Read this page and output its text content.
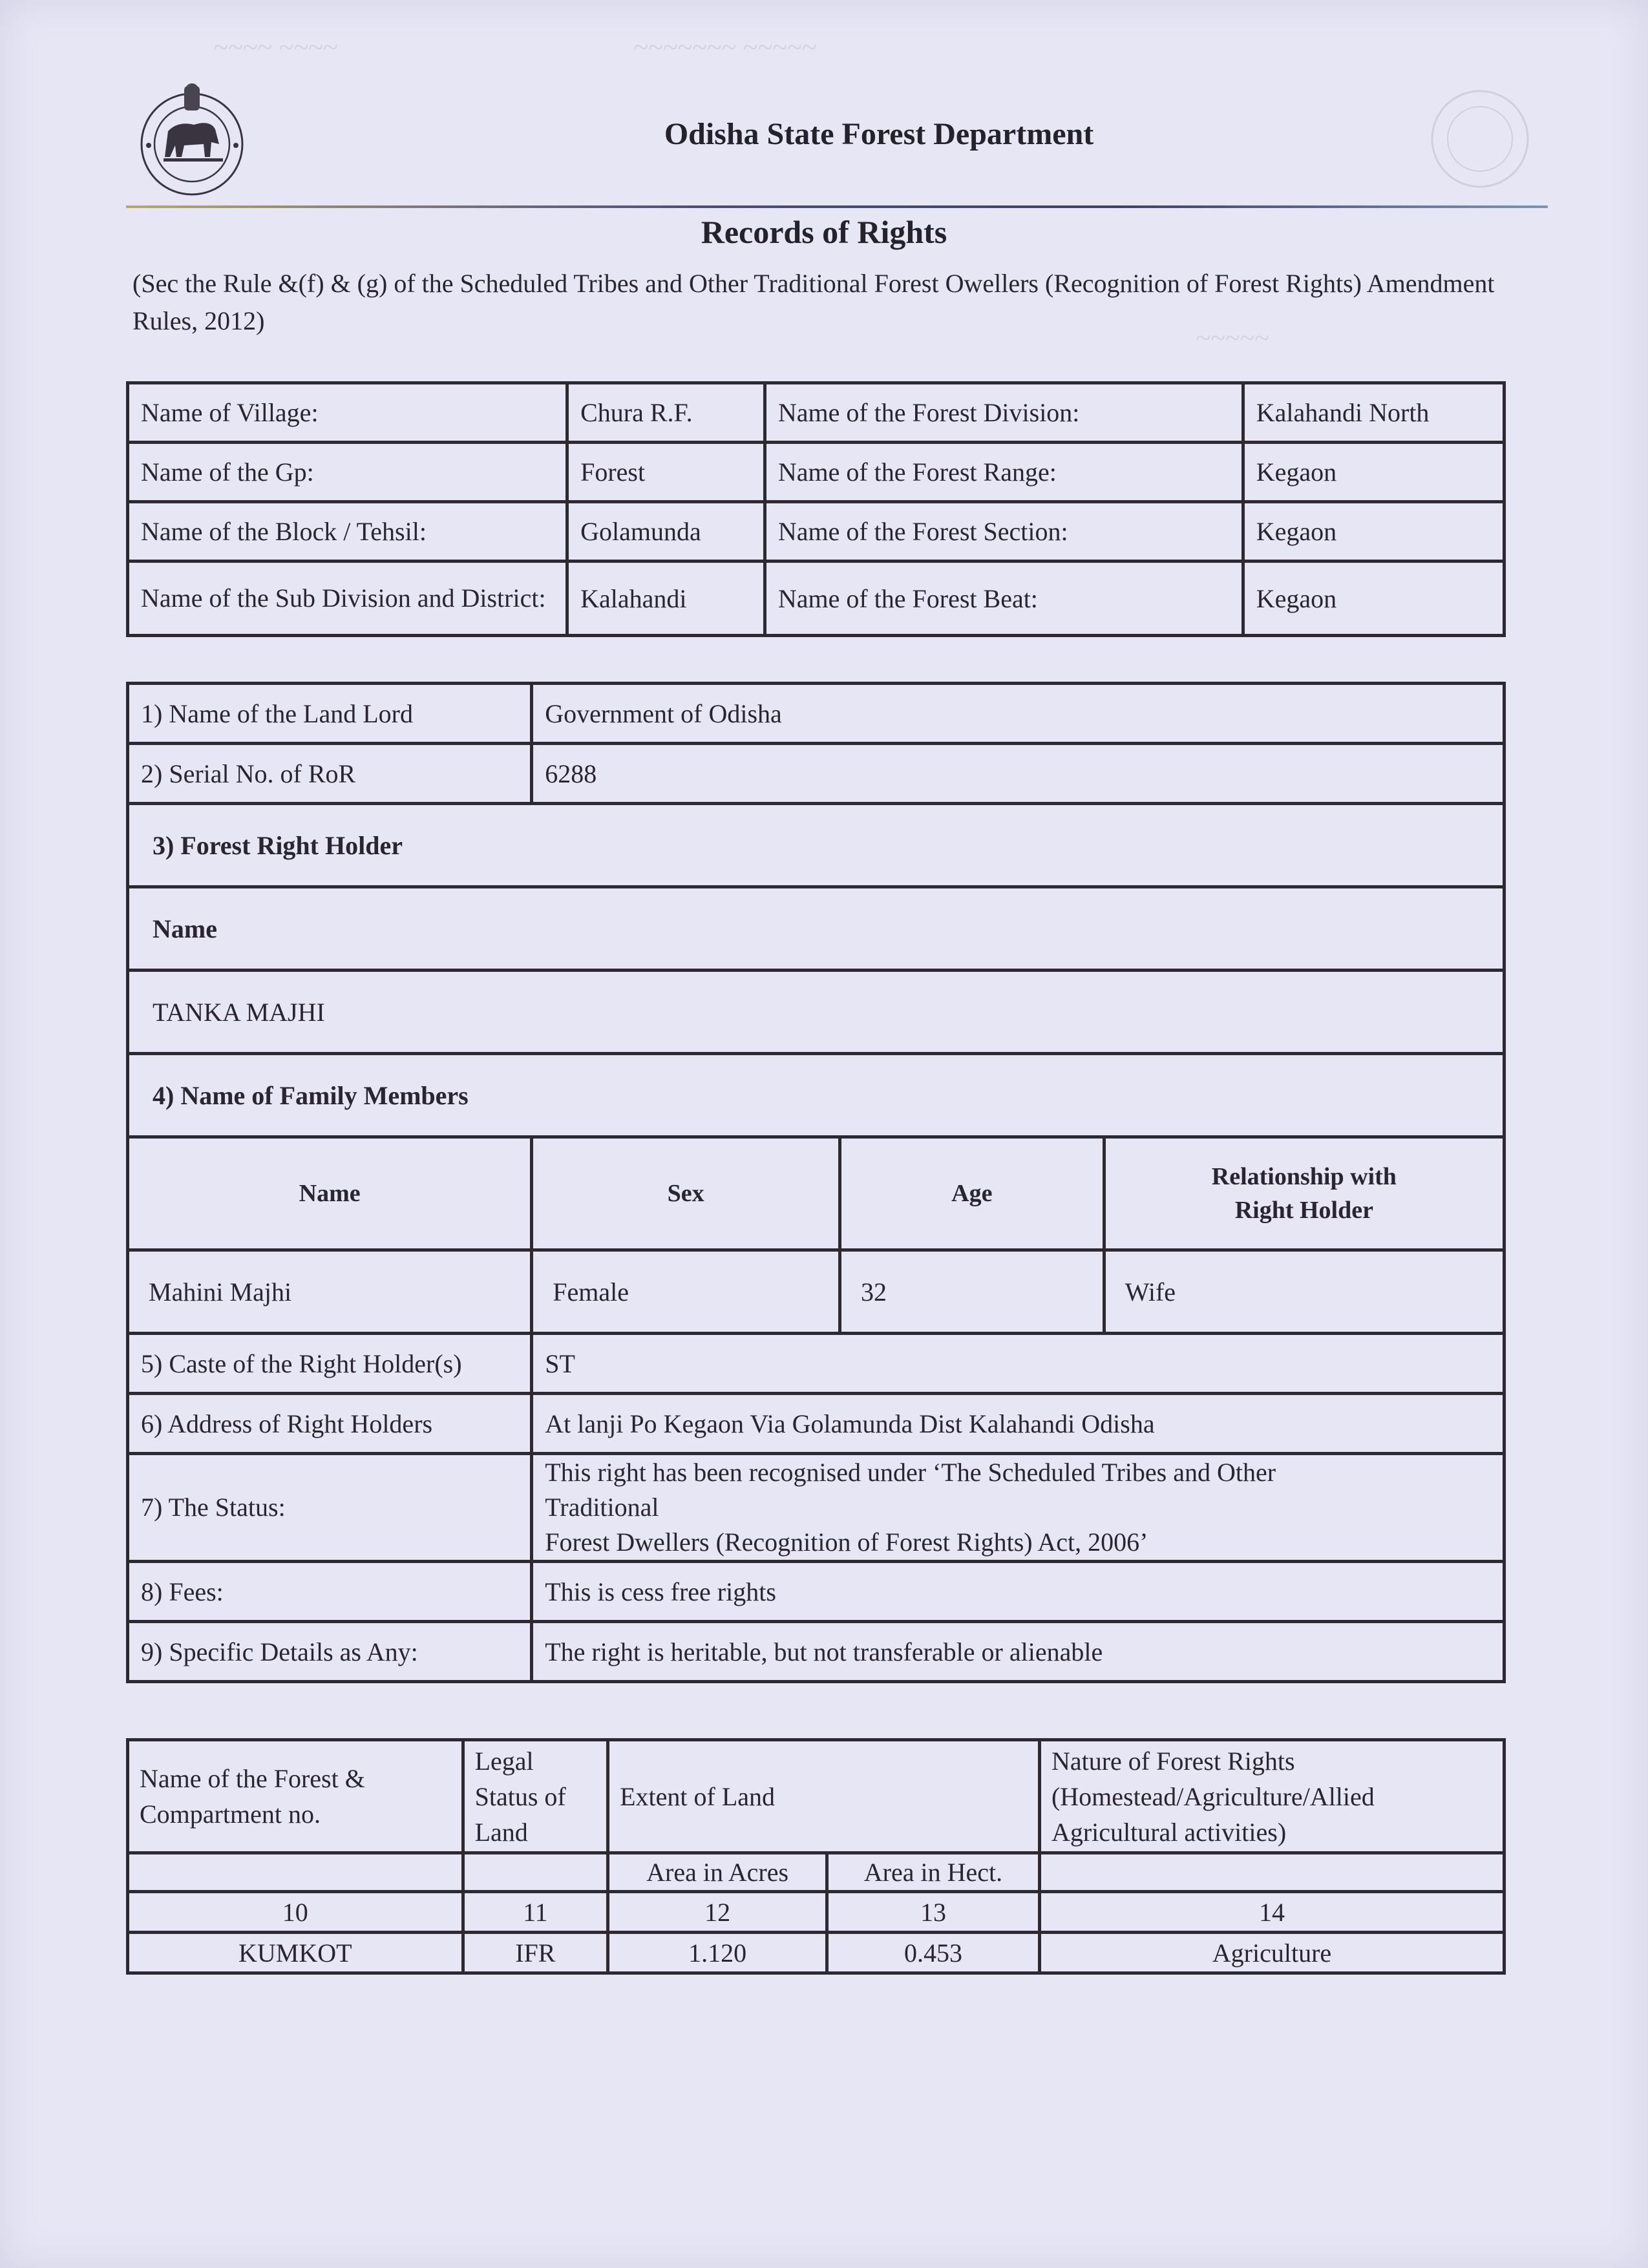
~~~~ ~~~~	~~~~~~~ ~~~~~
~~~~~
Odisha State Forest Department
Records of Rights
(Sec the Rule &(f) & (g) of the Scheduled Tribes and Other Traditional Forest Owellers (Recognition of Forest Rights) Amendment Rules, 2012)
Name of Village:	Chura R.F.	Name of the Forest Division:	Kalahandi North
Name of the Gp:	Forest	Name of the Forest Range:	Kegaon
Name of the Block / Tehsil:	Golamunda	Name of the Forest Section:	Kegaon
Name of the Sub Division and District:	Kalahandi	Name of the Forest Beat:	Kegaon
1) Name of the Land Lord	Government of Odisha		
2) Serial No. of RoR	6288		
3) Forest Right Holder			
Name			
TANKA MAJHI			
4) Name of Family Members			
Name	Sex	Age	Relationship with Right Holder
Mahini Majhi	Female	32	Wife
5) Caste of the Right Holder(s)	ST		
6) Address of Right Holders	At lanji Po Kegaon Via Golamunda Dist Kalahandi Odisha		
7) The Status:	This right has been recognised under ‘The Scheduled Tribes and Other
Traditional
Forest Dwellers (Recognition of Forest Rights) Act, 2006’		

8) Fees:	This is cess free rights		
9) Specific Details as Any:	The right is heritable, but not transferable or alienable		
Name of the Forest & Compartment no.	Legal Status of Land	Extent of Land		Nature of Forest Rights (Homestead/Agriculture/Allied Agricultural activities)
		Area in Acres	Area in Hect.	
10	11	12	13	14
KUMKOT	IFR	1.120	0.453	Agriculture
